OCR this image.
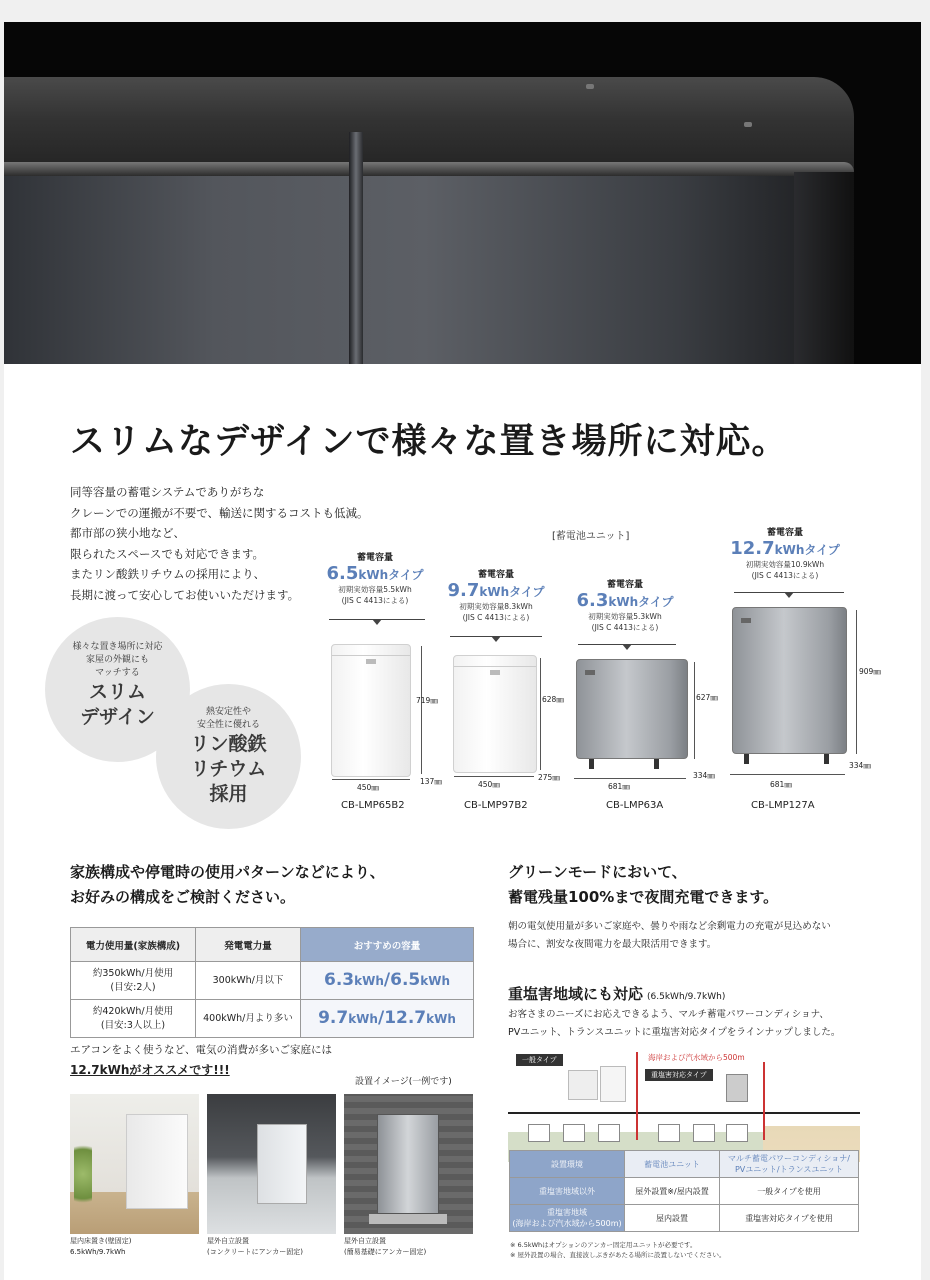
スリムなデザインで様々な置き場所に対応。

同等容量の蓄電システムでありがちな

クレーンでの運搬が不要で、輸送に関するコストも低減。

都市部の狭小地など、

限られたスペースでも対応できます。

またリン酸鉄リチウムの採用により、

長期に渡って安心してお使いいただけます。

様々な置き場所に対応
家屋の外観にも
マッチする
スリム
デザイン	熱安定性や
安全性に優れる
リン酸鉄
リチウム
採用
[蓄電池ユニット]
蓄電容量
6.5kWhタイプ
初期実効容量5.5kWh
(JIS C 4413による)
719㎜
450㎜
137㎜
CB-LMP65B2
蓄電容量
9.7kWhタイプ
初期実効容量8.3kWh
(JIS C 4413による)
628㎜
450㎜
275㎜
CB-LMP97B2
蓄電容量
6.3kWhタイプ
初期実効容量5.3kWh
(JIS C 4413による)
627㎜
681㎜
334㎜
CB-LMP63A
蓄電容量
12.7kWhタイプ
初期実効容量10.9kWh
(JIS C 4413による)
909㎜
681㎜
334㎜
CB-LMP127A
家族構成や停電時の使用パターンなどにより、
お好みの構成をご検討ください。
電力使用量(家族構成)	発電電力量	おすすめの容量

約350kWh/月使用
(目安:2人)	300kWh/月以下	6.3kWh/6.5kWh

約420kWh/月使用
(目安:3人以上)	400kWh/月より多い	9.7kWh/12.7kWh
エアコンをよく使うなど、電気の消費が多いご家庭には
12.7kWhがオススメです!!!
設置イメージ(一例です)
屋内床置き(壁固定)
6.5kWh/9.7kWh
屋外自立設置
(コンクリートにアンカー固定)
屋外自立設置
(簡易基礎にアンカー固定)
グリーンモードにおいて、
蓄電残量100%まで夜間充電できます。
朝の電気使用量が多いご家庭や、曇りや雨など余剰電力の充電が見込めない
場合に、割安な夜間電力を最大限活用できます。
重塩害地域にも対応 (6.5kWh/9.7kWh)
お客さまのニーズにお応えできるよう、マルチ蓄電パワーコンディショナ、
PVユニット、トランスユニットに重塩害対応タイプをラインナップしました。
一般タイプ	海岸および汽水域から500m
重塩害対応タイプ
設置環境	蓄電池ユニット	マルチ蓄電パワーコンディショナ/
PVユニット/トランスユニット

重塩害地域以外	屋外設置※/屋内設置	一般タイプを使用

重塩害地域
(海岸および汽水域から500m)	屋内設置	重塩害対応タイプを使用
※ 6.5kWhはオプションのアンカー固定用ユニットが必要です。
※ 屋外設置の場合、直接波しぶきがあたる場所に設置しないでください。
